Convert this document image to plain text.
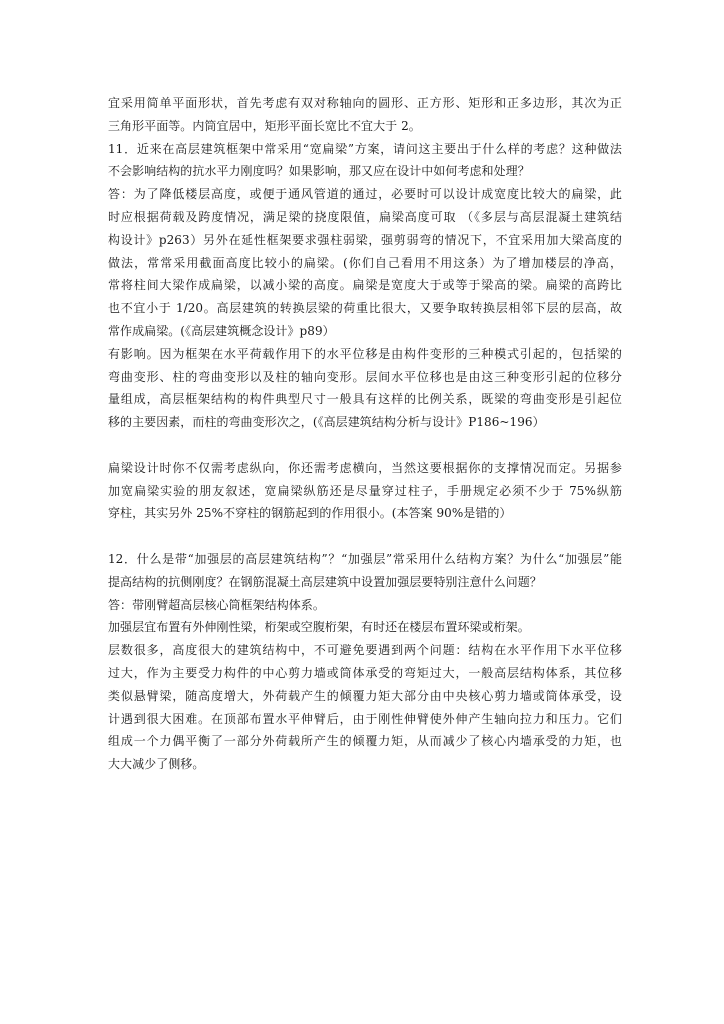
宜采用简单平面形状，首先考虑有双对称轴向的圆形、正方形、矩形和正多边形，其次为正
三角形平面等。内筒宜居中，矩形平面长宽比不宜大于 2。
11．近来在高层建筑框架中常采用“宽扁梁”方案，请问这主要出于什么样的考虑？这种做法
不会影响结构的抗水平力刚度吗？如果影响，那又应在设计中如何考虑和处理？
答：为了降低楼层高度，或便于通风管道的通过，必要时可以设计成宽度比较大的扁梁，此
时应根据荷载及跨度情况，满足梁的挠度限值，扁梁高度可取 （《多层与高层混凝土建筑结
构设计》p263）另外在延性框架要求强柱弱梁，强剪弱弯的情况下，不宜采用加大梁高度的
做法，常常采用截面高度比较小的扁梁。(你们自己看用不用这条）为了增加楼层的净高，
常将柱间大梁作成扁梁，以减小梁的高度。扁梁是宽度大于或等于梁高的梁。扁梁的高跨比
也不宜小于 1/20。高层建筑的转换层梁的荷重比很大，又要争取转换层相邻下层的层高，故
常作成扁梁。(《高层建筑概念设计》p89）
有影响。因为框架在水平荷载作用下的水平位移是由构件变形的三种模式引起的，包括梁的
弯曲变形、柱的弯曲变形以及柱的轴向变形。层间水平位移也是由这三种变形引起的位移分
量组成，高层框架结构的构件典型尺寸一般具有这样的比例关系，既梁的弯曲变形是引起位
移的主要因素，而柱的弯曲变形次之，(《高层建筑结构分析与设计》P186~196）
扁梁设计时你不仅需考虑纵向，你还需考虑横向，当然这要根据你的支撑情况而定。另据参
加宽扁梁实验的朋友叙述，宽扁梁纵筋还是尽量穿过柱子，手册规定必须不少于 75%纵筋
穿柱，其实另外 25%不穿柱的钢筋起到的作用很小。(本答案 90%是错的）
12．什么是带“加强层的高层建筑结构”？“加强层”常采用什么结构方案？为什么“加强层”能
提高结构的抗侧刚度？在钢筋混凝土高层建筑中设置加强层要特别注意什么问题？
答：带刚臂超高层核心筒框架结构体系。
加强层宜布置有外伸刚性梁，桁架或空腹桁架，有时还在楼层布置环梁或桁架。
层数很多，高度很大的建筑结构中，不可避免要遇到两个问题：结构在水平作用下水平位移
过大，作为主要受力构件的中心剪力墙或筒体承受的弯矩过大，一般高层结构体系，其位移
类似悬臂梁，随高度增大，外荷载产生的倾覆力矩大部分由中央核心剪力墙或筒体承受，设
计遇到很大困难。在顶部布置水平伸臂后，由于刚性伸臂使外伸产生轴向拉力和压力。它们
组成一个力偶平衡了一部分外荷载所产生的倾覆力矩，从而减少了核心内墙承受的力矩，也
大大减少了侧移。
